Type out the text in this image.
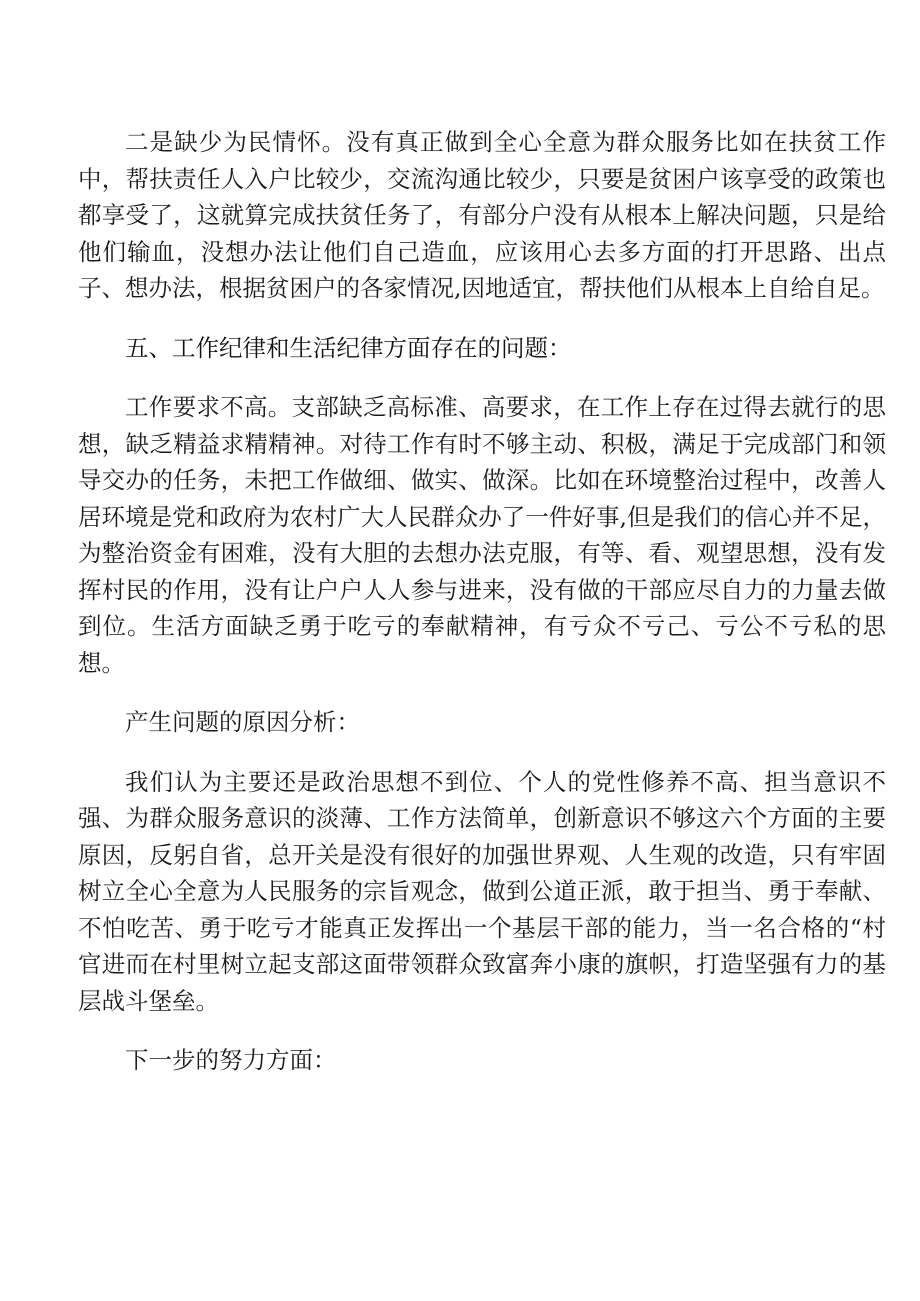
二是缺少为民情怀。没有真正做到全心全意为群众服务比如在扶贫工作中，帮扶责任人入户比较少，交流沟通比较少，只要是贫困户该享受的政策也都享受了，这就算完成扶贫任务了，有部分户没有从根本上解决问题，只是给他们输血，没想办法让他们自己造血，应该用心去多方面的打开思路、出点子、想办法，根据贫困户的各家情况,因地适宜，帮扶他们从根本上自给自足。

五、工作纪律和生活纪律方面存在的问题：

工作要求不高。支部缺乏高标准、高要求，在工作上存在过得去就行的思想，缺乏精益求精精神。对待工作有时不够主动、积极，满足于完成部门和领导交办的任务，未把工作做细、做实、做深。比如在环境整治过程中，改善人居环境是党和政府为农村广大人民群众办了一件好事,但是我们的信心并不足，为整治资金有困难，没有大胆的去想办法克服，有等、看、观望思想，没有发挥村民的作用，没有让户户人人参与进来，没有做的干部应尽自力的力量去做到位。生活方面缺乏勇于吃亏的奉献精神，有亏众不亏己、亏公不亏私的思想。

产生问题的原因分析：

我们认为主要还是政治思想不到位、个人的党性修养不高、担当意识不强、为群众服务意识的淡薄、工作方法简单，创新意识不够这六个方面的主要原因，反躬自省，总开关是没有很好的加强世界观、人生观的改造，只有牢固树立全心全意为人民服务的宗旨观念，做到公道正派，敢于担当、勇于奉献、不怕吃苦、勇于吃亏才能真正发挥出一个基层干部的能力，当一名合格的“村官进而在村里树立起支部这面带领群众致富奔小康的旗帜，打造坚强有力的基层战斗堡垒。

下一步的努力方面：
